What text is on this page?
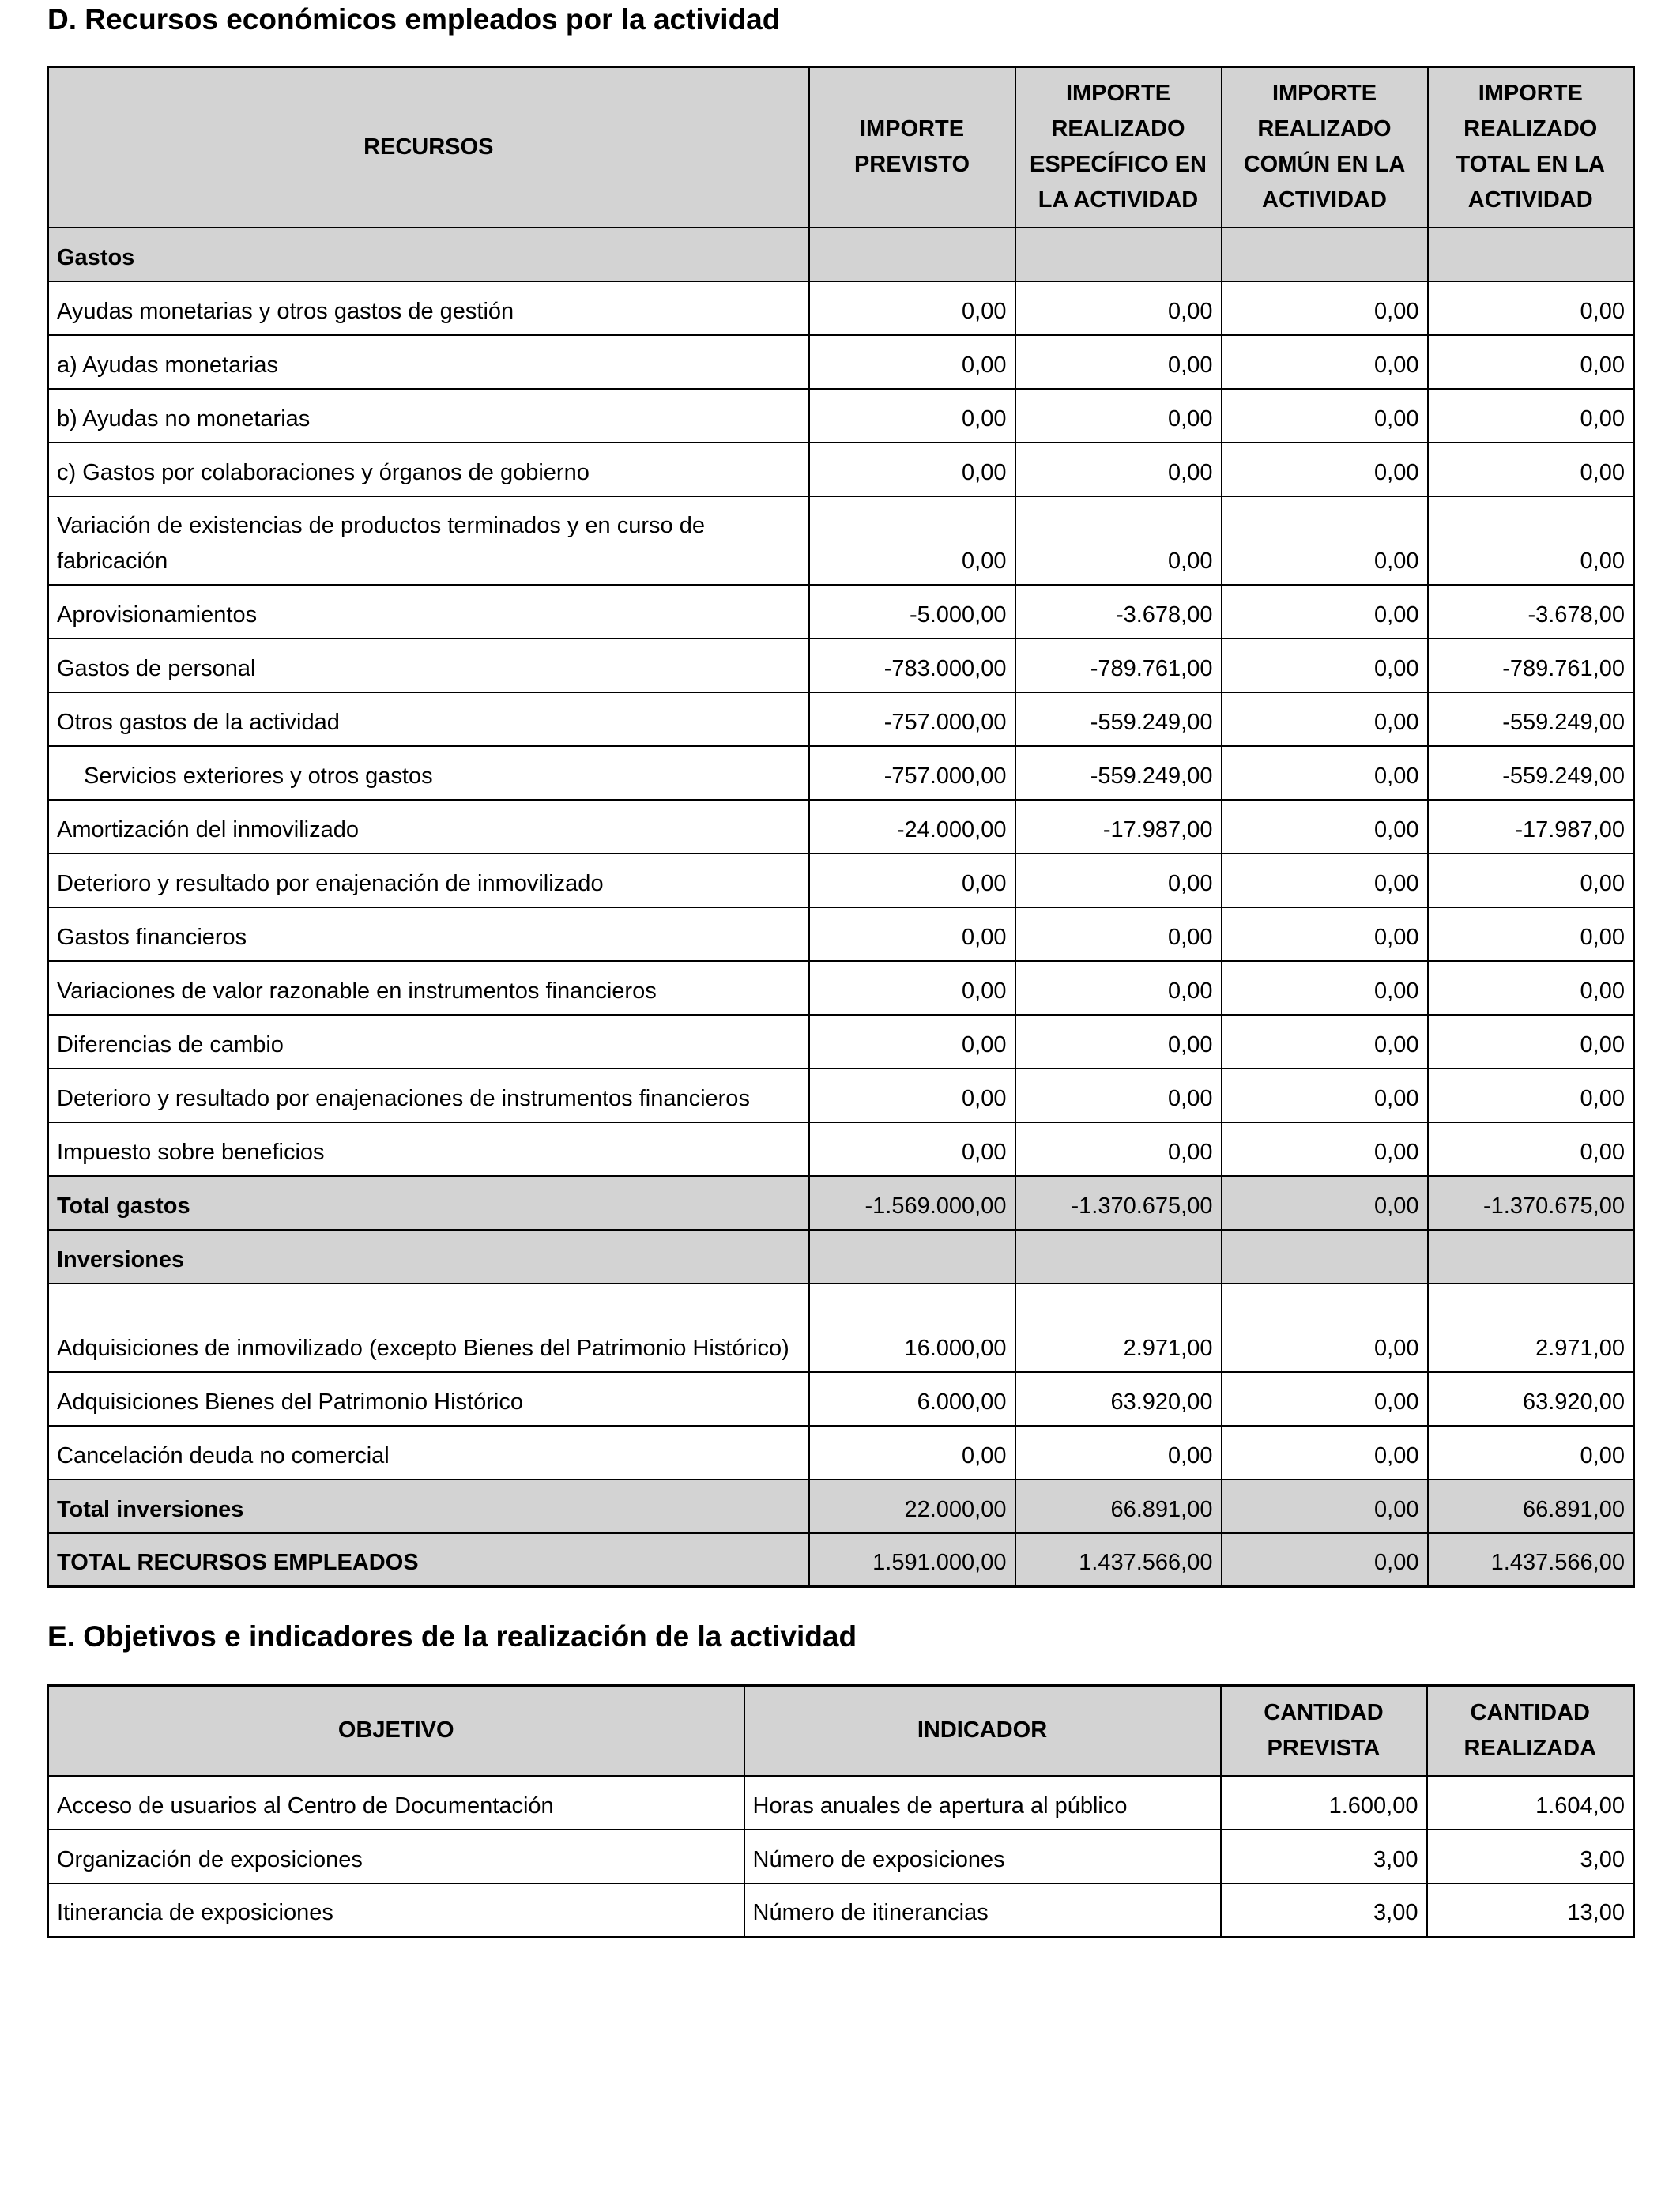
D. Recursos económicos empleados por la actividad
RECURSOS	IMPORTE PREVISTO	IMPORTE REALIZADO ESPECÍFICO EN LA ACTIVIDAD	IMPORTE REALIZADO COMÚN EN LA ACTIVIDAD	IMPORTE REALIZADO TOTAL EN LA ACTIVIDAD
Gastos				
Ayudas monetarias y otros gastos de gestión	0,00	0,00	0,00	0,00
a) Ayudas monetarias	0,00	0,00	0,00	0,00
b) Ayudas no monetarias	0,00	0,00	0,00	0,00
c) Gastos por colaboraciones y órganos de gobierno	0,00	0,00	0,00	0,00
Variación de existencias de productos terminados y en curso de fabricación	0,00	0,00	0,00	0,00
Aprovisionamientos	-5.000,00	-3.678,00	0,00	-3.678,00
Gastos de personal	-783.000,00	-789.761,00	0,00	-789.761,00
Otros gastos de la actividad	-757.000,00	-559.249,00	0,00	-559.249,00
Servicios exteriores y otros gastos	-757.000,00	-559.249,00	0,00	-559.249,00
Amortización del inmovilizado	-24.000,00	-17.987,00	0,00	-17.987,00
Deterioro y resultado por enajenación de inmovilizado	0,00	0,00	0,00	0,00
Gastos financieros	0,00	0,00	0,00	0,00
Variaciones de valor razonable en instrumentos financieros	0,00	0,00	0,00	0,00
Diferencias de cambio	0,00	0,00	0,00	0,00
Deterioro y resultado por enajenaciones de instrumentos financieros	0,00	0,00	0,00	0,00
Impuesto sobre beneficios	0,00	0,00	0,00	0,00
Total gastos	-1.569.000,00	-1.370.675,00	0,00	-1.370.675,00
Inversiones				
Adquisiciones de inmovilizado (excepto Bienes del Patrimonio Histórico)	16.000,00	2.971,00	0,00	2.971,00
Adquisiciones Bienes del Patrimonio Histórico	6.000,00	63.920,00	0,00	63.920,00
Cancelación deuda no comercial	0,00	0,00	0,00	0,00
Total inversiones	22.000,00	66.891,00	0,00	66.891,00
TOTAL RECURSOS EMPLEADOS	1.591.000,00	1.437.566,00	0,00	1.437.566,00
E. Objetivos e indicadores de la realización de la actividad
OBJETIVO	INDICADOR	CANTIDAD PREVISTA	CANTIDAD REALIZADA
Acceso de usuarios al Centro de Documentación	Horas anuales de apertura al público	1.600,00	1.604,00
Organización de exposiciones	Número de exposiciones	3,00	3,00
Itinerancia de exposiciones	Número de itinerancias	3,00	13,00
